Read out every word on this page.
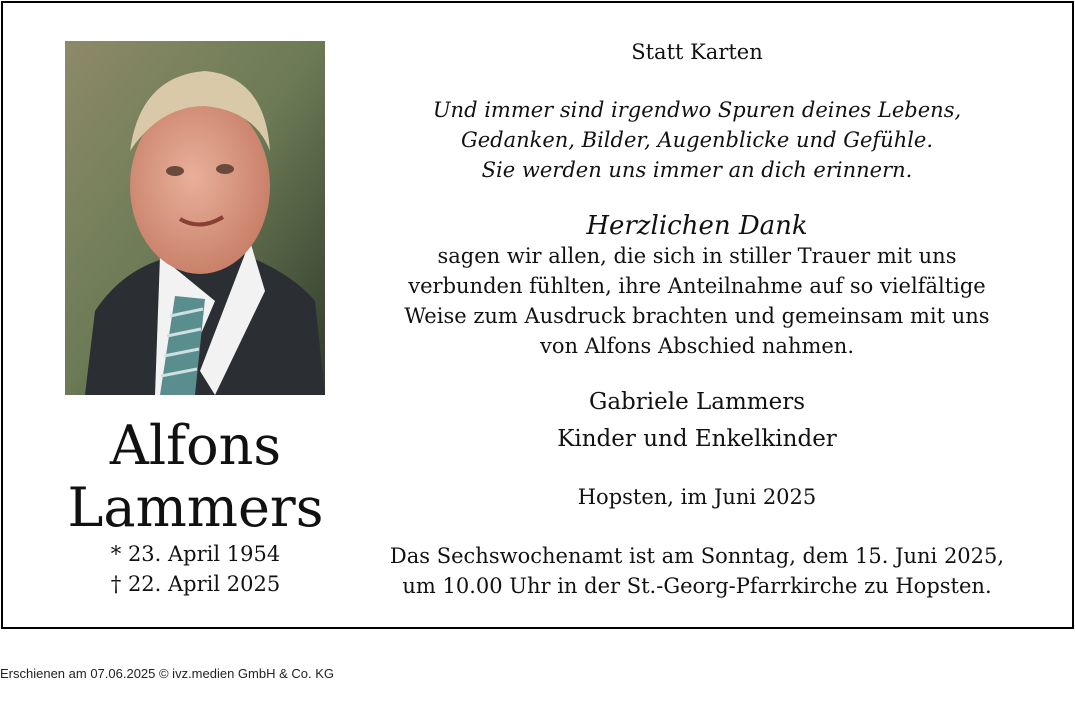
Alfons
Lammers
* 23. April 1954
† 22. April 2025
Statt Karten
Und immer sind irgendwo Spuren deines Lebens,
Gedanken, Bilder, Augenblicke und Gefühle.
Sie werden uns immer an dich erinnern.
Herzlichen Dank
sagen wir allen, die sich in stiller Trauer mit uns
verbunden fühlten, ihre Anteilnahme auf so vielfältige
Weise zum Ausdruck brachten und gemeinsam mit uns
von Alfons Abschied nahmen.
Gabriele Lammers
Kinder und Enkelkinder
Hopsten, im Juni 2025
Das Sechswochenamt ist am Sonntag, dem 15. Juni 2025,
um 10.00 Uhr in der St.-Georg-Pfarrkirche zu Hopsten.
Erschienen am 07.06.2025 © ivz.medien GmbH & Co. KG
